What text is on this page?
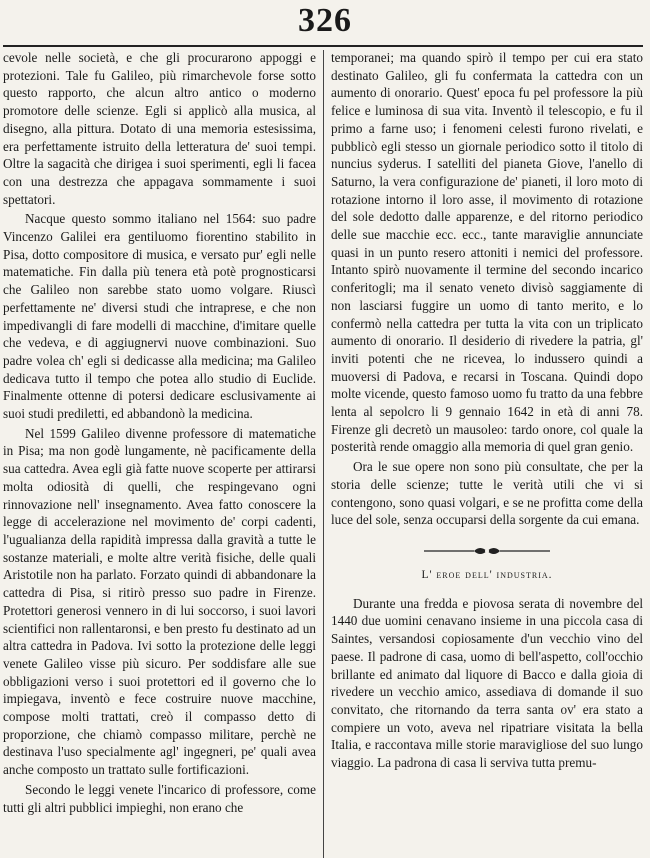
326

cevole nelle società, e che gli procurarono appoggi e protezioni. Tale fu Galileo, più rimarchevole forse sotto questo rapporto, che alcun altro antico o moderno promotore delle scienze. Egli si applicò alla musica, al disegno, alla pittura. Dotato di una memoria estesissima, era perfettamente istruito della letteratura de' suoi tempi. Oltre la sagacità che dirigea i suoi sperimenti, egli li facea con una destrezza che appagava sommamente i suoi spettatori.

Nacque questo sommo italiano nel 1564: suo padre Vincenzo Galilei era gentiluomo fiorentino stabilito in Pisa, dotto compositore di musica, e versato pur' egli nelle matematiche. Fin dalla più tenera età potè prognosticarsi che Galileo non sarebbe stato uomo volgare. Riuscì perfettamente ne' diversi studi che intraprese, e che non impedivangli di fare modelli di macchine, d'imitare quelle che vedeva, e di aggiugnervi nuove combinazioni. Suo padre volea ch' egli si dedicasse alla medicina; ma Galileo dedicava tutto il tempo che potea allo studio di Euclide. Finalmente ottenne di potersi dedicare esclusivamente ai suoi studi prediletti, ed abbandonò la medicina.

Nel 1599 Galileo divenne professore di matematiche in Pisa; ma non godè lungamente, nè pacificamente della sua cattedra. Avea egli già fatte nuove scoperte per attirarsi molta odiosità di quelli, che respingevano ogni rinnovazione nell' insegnamento. Avea fatto conoscere la legge di accelerazione nel movimento de' corpi cadenti, l'ugualianza della rapidità impressa dalla gravità a tutte le sostanze materiali, e molte altre verità fisiche, delle quali Aristotile non ha parlato. Forzato quindi di abbandonare la cattedra di Pisa, si ritirò presso suo padre in Firenze. Protettori generosi vennero in di lui soccorso, i suoi lavori scientifici non rallentaronsi, e ben presto fu destinato ad un altra cattedra in Padova. Ivi sotto la protezione delle leggi venete Galileo visse più sicuro. Per soddisfare alle sue obbligazioni verso i suoi protettori ed il governo che lo impiegava, inventò e fece costruire nuove macchine, compose molti trattati, creò il compasso detto di proporzione, che chiamò compasso militare, perchè ne destinava l'uso specialmente agl' ingegneri, pe' quali avea anche composto un trattato sulle fortificazioni.

Secondo le leggi venete l'incarico di professore, come tutti gli altri pubblici impieghi, non erano che

temporanei; ma quando spirò il tempo per cui era stato destinato Galileo, gli fu confermata la cattedra con un aumento di onorario. Quest' epoca fu pel professore la più felice e luminosa di sua vita. Inventò il telescopio, e fu il primo a farne uso; i fenomeni celesti furono rivelati, e pubblicò egli stesso un giornale periodico sotto il titolo di nuncius syderus. I satelliti del pianeta Giove, l'anello di Saturno, la vera configurazione de' pianeti, il loro moto di rotazione intorno il loro asse, il movimento di rotazione del sole dedotto dalle apparenze, e del ritorno periodico delle sue macchie ecc. ecc., tante maraviglie annunciate quasi in un punto resero attoniti i nemici del professore. Intanto spirò nuovamente il termine del secondo incarico conferitogli; ma il senato veneto divisò saggiamente di non lasciarsi fuggire un uomo di tanto merito, e lo confermò nella cattedra per tutta la vita con un triplicato aumento di onorario. Il desiderio di rivedere la patria, gl' inviti potenti che ne riceveа, lo indussero quindi a muoversi di Padova, e recarsi in Toscana. Quindi dopo molte vicende, questo famoso uomo fu tratto da una febbre lenta al sepolcro li 9 gennaio 1642 in età di anni 78. Firenze gli decretò un mausoleo: tardo onore, col quale la posterità rende omaggio alla memoria di quel gran genio.

Ora le sue opere non sono più consultate, che per la storia delle scienze; tutte le verità utili che vi si contengono, sono quasi volgari, e se ne profitta come della luce del sole, senza occuparsi della sorgente da cui emana.

L' eroe dell' industria.

Durante una fredda e piovosa serata di novembre del 1440 due uomini cenavano insieme in una piccola casa di Saintes, versandosi copiosamente d'un vecchio vino del paese. Il padrone di casa, uomo di bell'aspetto, coll'occhio brillante ed animato dal liquore di Bacco e dalla gioia di rivedere un vecchio amico, assediava di domande il suo convitato, che ritornando da terra santa ov' era stato a compiere un voto, aveva nel ripatriare visitata la bella Italia, e raccontava mille storie maravigliose del suo lungo viaggio. La padrona di casa li serviva tutta premu-
